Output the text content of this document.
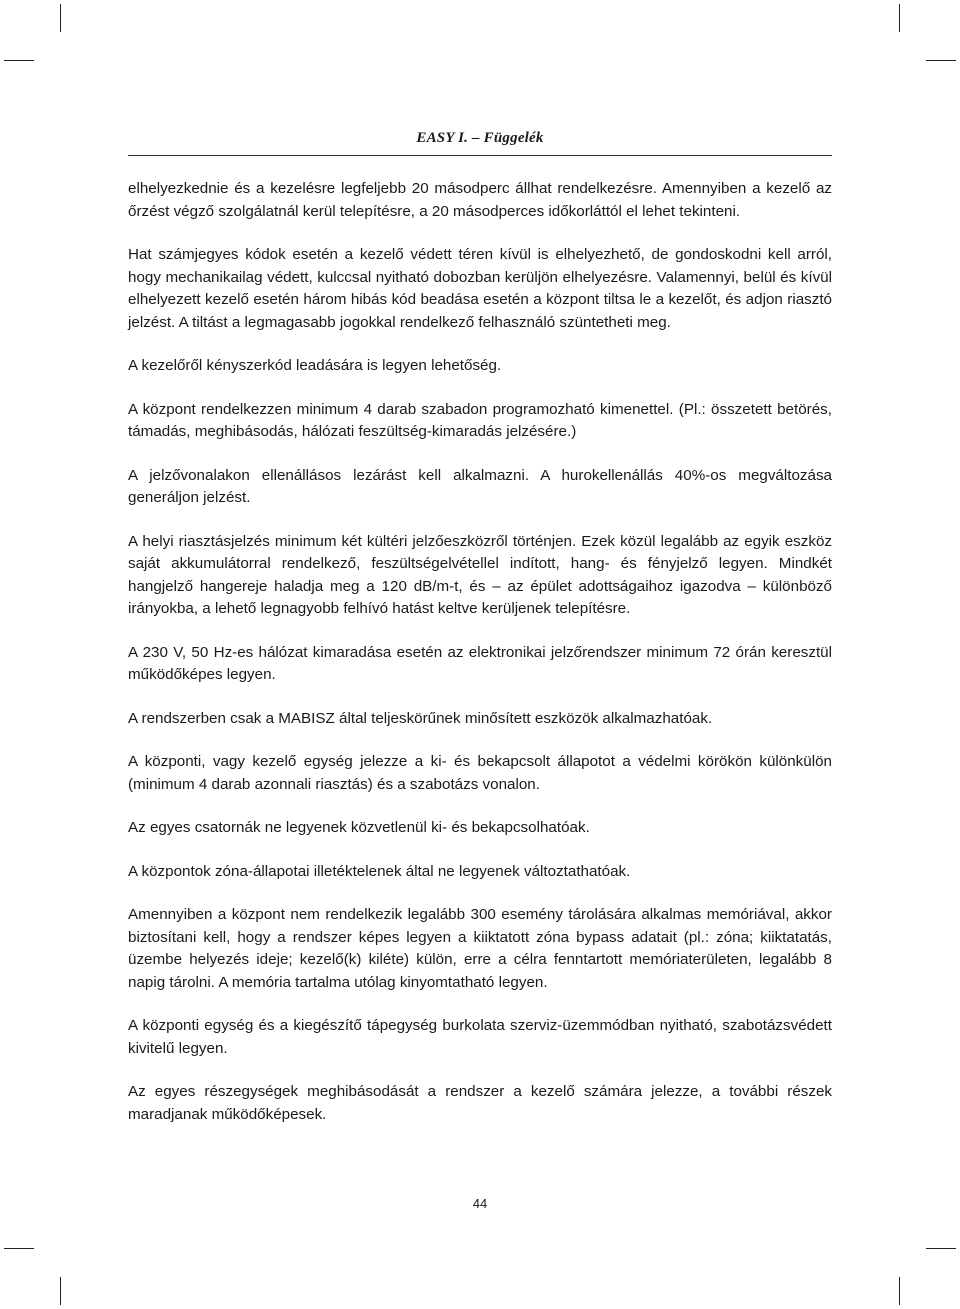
EASY I. – Függelék

elhelyezkednie és a kezelésre legfeljebb 20 másodperc állhat rendelkezésre. Amennyiben a kezelő az őrzést végző szolgálatnál kerül telepítésre, a 20 másodperces időkorláttól el lehet tekinteni.

Hat számjegyes kódok esetén a kezelő védett téren kívül is elhelyezhető, de gondoskodni kell arról, hogy mechanikailag védett, kulccsal nyitható dobozban kerüljön elhelyezésre. Valamennyi, belül és kívül elhelyezett kezelő esetén három hibás kód beadása esetén a központ tiltsa le a kezelőt, és adjon riasztó jelzést. A tiltást a legmagasabb jogokkal rendelkező felhasználó szüntetheti meg.

A kezelőről kényszerkód leadására is legyen lehetőség.

A központ rendelkezzen minimum 4 darab szabadon programozható kimenettel. (Pl.: összetett betörés, támadás, meghibásodás, hálózati feszültség-kimaradás jelzésére.)

A jelzővonalakon ellenállásos lezárást kell alkalmazni. A hurokellenállás 40%-os megváltozása generáljon jelzést.

A helyi riasztásjelzés minimum két kültéri jelzőeszközről történjen. Ezek közül legalább az egyik eszköz saját akkumulátorral rendelkező, feszültségelvétellel indított, hang- és fényjelző legyen. Mindkét hangjelző hangereje haladja meg a 120 dB/m-t, és – az épület adottságaihoz igazodva – különböző irányokba, a lehető legnagyobb felhívó hatást keltve kerüljenek telepítésre.

A 230 V, 50 Hz-es hálózat kimaradása esetén az elektronikai jelzőrendszer minimum 72 órán keresztül működőképes legyen.

A rendszerben csak a MABISZ által teljeskörűnek minősített eszközök alkalmazhatóak.

A központi, vagy kezelő egység jelezze a ki- és bekapcsolt állapotot a védelmi körökön különkülön (minimum 4 darab azonnali riasztás) és a szabotázs vonalon.

Az egyes csatornák ne legyenek közvetlenül ki- és bekapcsolhatóak.

A központok zóna-állapotai illetéktelenek által ne legyenek változtathatóak.

Amennyiben a központ nem rendelkezik legalább 300 esemény tárolására alkalmas memóriával, akkor biztosítani kell, hogy a rendszer képes legyen a kiiktatott zóna bypass adatait (pl.: zóna; kiiktatatás, üzembe helyezés ideje; kezelő(k) kiléte) külön, erre a célra fenntartott memóriaterületen, legalább 8 napig tárolni. A memória tartalma utólag kinyomtatható legyen.

A központi egység és a kiegészítő tápegység burkolata szerviz-üzemmódban nyitható, szabotázsvédett kivitelű legyen.

Az egyes részegységek meghibásodását a rendszer a kezelő számára jelezze, a további részek maradjanak működőképesek.

44
